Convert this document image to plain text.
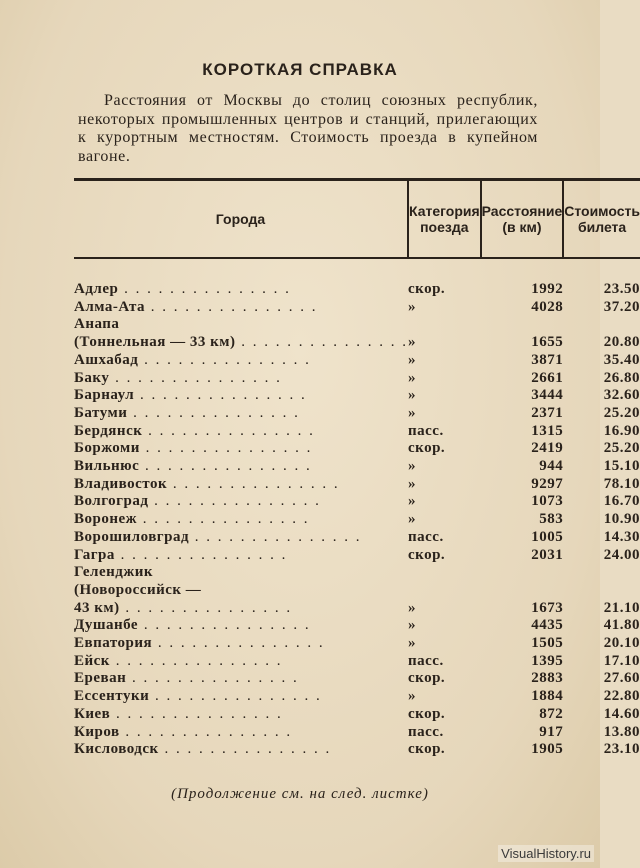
КОРОТКАЯ СПРАВКА
Расстояния от Москвы до столиц союзных республик, некоторых промышленных центров и станций, прилегающих к курортным местностям. Стоимость проезда в купейном вагоне.
Города	Категория поезда	Расстояние (в км)	Стоимость билета

Адлер . . . . . . . . . . . . . . .	скор.	1992	23.50
Алма-Ата . . . . . . . . . . . . . . .	»	4028	37.20
Анапа			
(Тоннельная — 33 км) . . . . . . . . . . . . . . .	»	1655	20.80
Ашхабад . . . . . . . . . . . . . . .	»	3871	35.40
Баку . . . . . . . . . . . . . . .	»	2661	26.80
Барнаул . . . . . . . . . . . . . . .	»	3444	32.60
Батуми . . . . . . . . . . . . . . .	»	2371	25.20
Бердянск . . . . . . . . . . . . . . .	пасс.	1315	16.90
Боржоми . . . . . . . . . . . . . . .	скор.	2419	25.20
Вильнюс . . . . . . . . . . . . . . .	»	944	15.10
Владивосток . . . . . . . . . . . . . . .	»	9297	78.10
Волгоград . . . . . . . . . . . . . . .	»	1073	16.70
Воронеж . . . . . . . . . . . . . . .	»	583	10.90
Ворошиловград . . . . . . . . . . . . . . .	пасс.	1005	14.30
Гагра . . . . . . . . . . . . . . .	скор.	2031	24.00
Геленджик			
(Новороссийск —			
43 км) . . . . . . . . . . . . . . .	»	1673	21.10
Душанбе . . . . . . . . . . . . . . .	»	4435	41.80
Евпатория . . . . . . . . . . . . . . .	»	1505	20.10
Ейск . . . . . . . . . . . . . . .	пасс.	1395	17.10
Ереван . . . . . . . . . . . . . . .	скор.	2883	27.60
Ессентуки . . . . . . . . . . . . . . .	»	1884	22.80
Киев . . . . . . . . . . . . . . .	скор.	872	14.60
Киров . . . . . . . . . . . . . . .	пасс.	917	13.80
Кисловодск . . . . . . . . . . . . . . .	скор.	1905	23.10
(Продолжение см. на след. листке)
VisualHistory.ru
